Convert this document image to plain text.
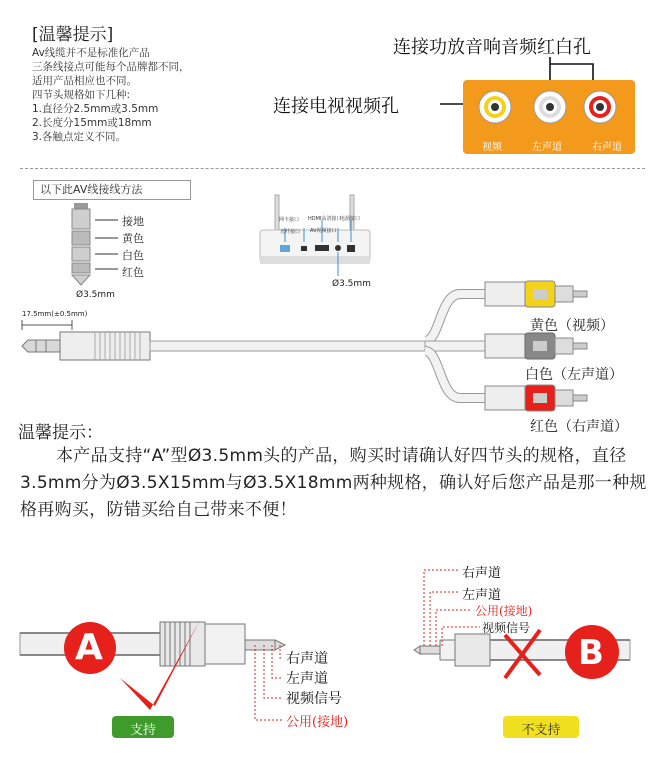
[温馨提示]
Av线缆并不是标准化产品
三条线接点可能每个品牌都不同，
适用产品相应也不同。
四节头规格如下几种:
1.直径分2.5mm或3.5mm
2.长度分15mm或18mm
3.各触点定义不同。
连接功放音响音频红白孔
连接电视视频孔
视频	左声道	右声道
以下此AV线接线方法
接地
黄色
白色
红色
Ø3.5mm
网卡接口
光纤接口
HDMI高清接口
AV视频接口
电源接口
Ø3.5mm
17.5mm(±0.5mm)
黄色（视频）
白色（左声道）
红色（右声道）
温馨提示：
本产品支持“A”型Ø3.5mm头的产品，购买时请确认好四节头的规格，直径3.5mm分为Ø3.5X15mm与Ø3.5X18mm两种规格，确认好后您产品是那一种规格再购买，防错买给自己带来不便！
A	右声道
左声道
视频信号
公用(接地)
支持
B
右声道
左声道
公用(接地)
视频信号
不支持
